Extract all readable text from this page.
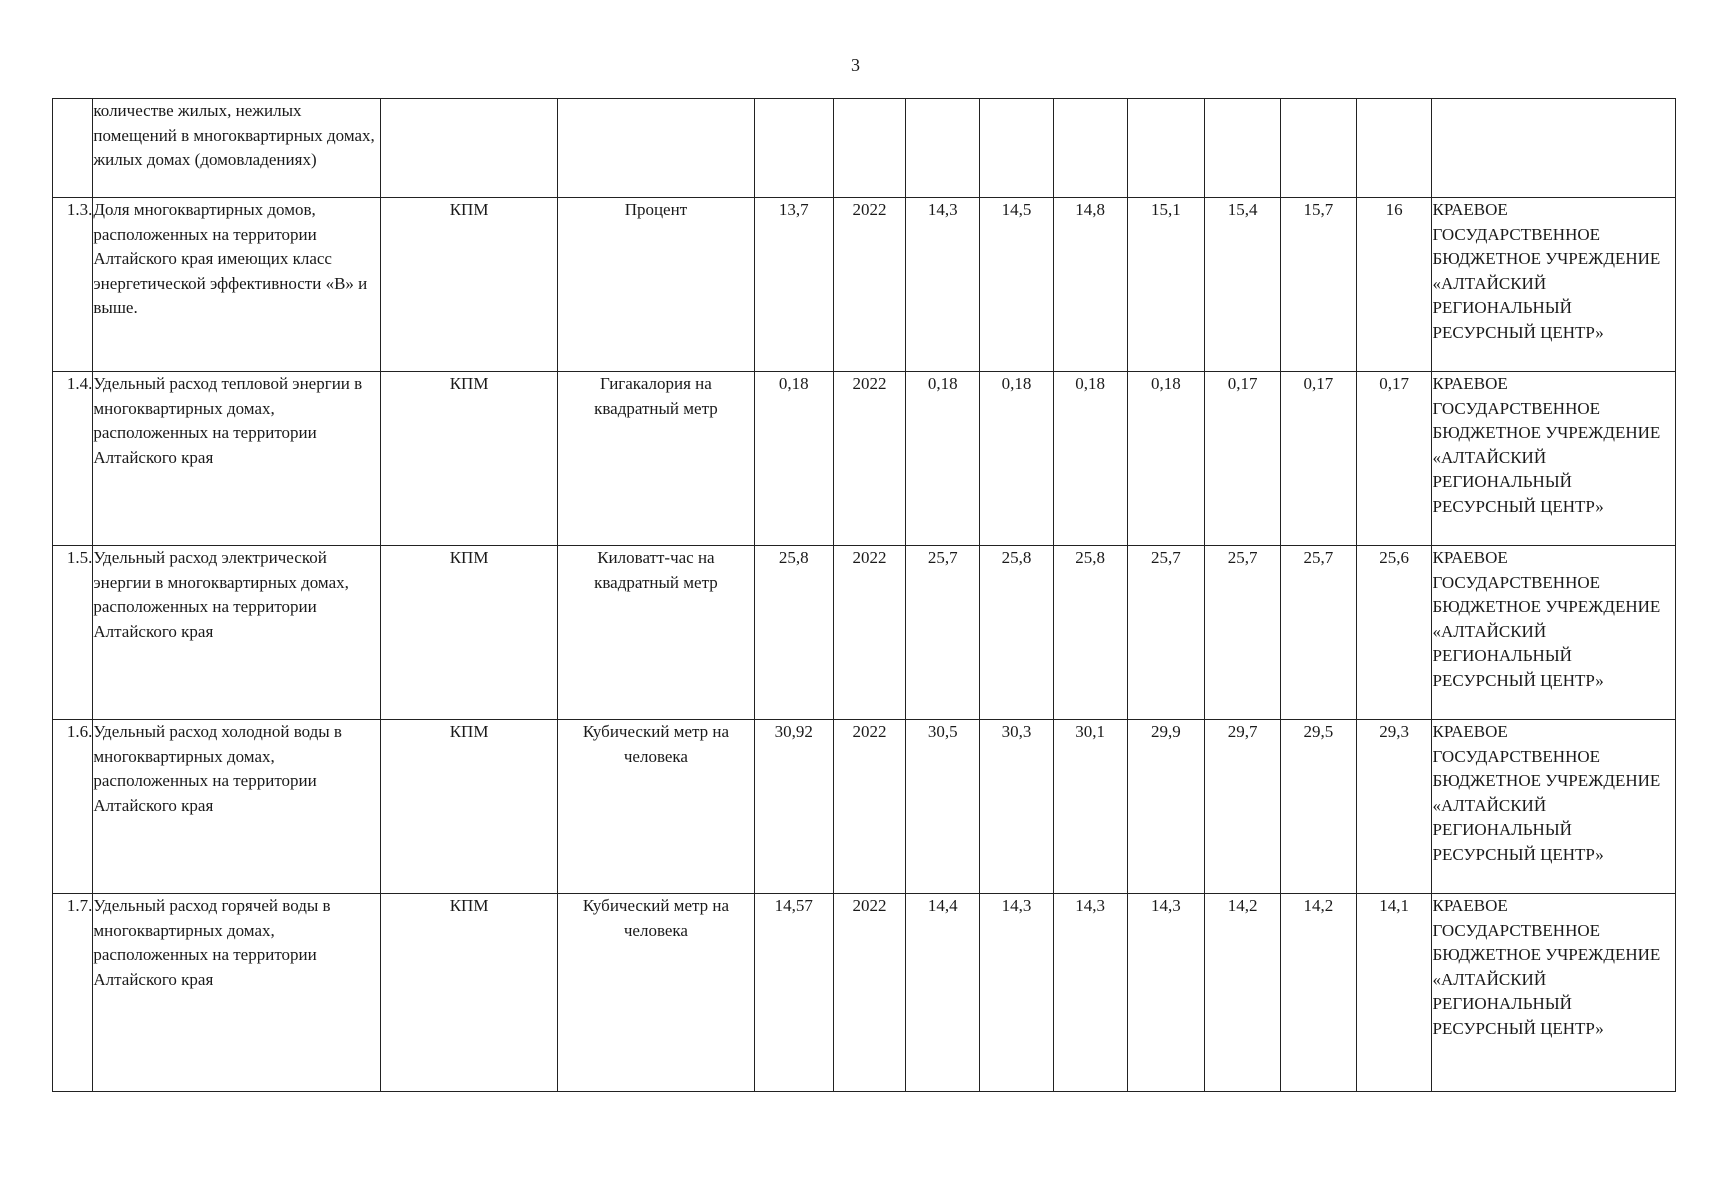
3
	количестве жилых, нежилых помещений в многоквартирных домах, жилых домах (домовладениях)												
1.3.	Доля многоквартирных домов, расположенных на территории Алтайского края имеющих класс энергетической эффективности «В» и выше.	КПМ	Процент	13,7	2022	14,3	14,5	14,8	15,1	15,4	15,7	16	КРАЕВОЕ ГОСУДАРСТВЕННОЕ БЮДЖЕТНОЕ УЧРЕЖДЕНИЕ «АЛТАЙСКИЙ РЕГИОНАЛЬНЫЙ РЕСУРСНЫЙ ЦЕНТР»
1.4.	Удельный расход тепловой энергии в многоквартирных домах, расположенных на территории Алтайского края	КПМ	Гигакалория на квадратный метр	0,18	2022	0,18	0,18	0,18	0,18	0,17	0,17	0,17	КРАЕВОЕ ГОСУДАРСТВЕННОЕ БЮДЖЕТНОЕ УЧРЕЖДЕНИЕ «АЛТАЙСКИЙ РЕГИОНАЛЬНЫЙ РЕСУРСНЫЙ ЦЕНТР»
1.5.	Удельный расход электрической энергии в многоквартирных домах, расположенных на территории Алтайского края	КПМ	Киловатт-час на квадратный метр	25,8	2022	25,7	25,8	25,8	25,7	25,7	25,7	25,6	КРАЕВОЕ ГОСУДАРСТВЕННОЕ БЮДЖЕТНОЕ УЧРЕЖДЕНИЕ «АЛТАЙСКИЙ РЕГИОНАЛЬНЫЙ РЕСУРСНЫЙ ЦЕНТР»
1.6.	Удельный расход холодной воды в многоквартирных домах, расположенных на территории Алтайского края	КПМ	Кубический метр на человека	30,92	2022	30,5	30,3	30,1	29,9	29,7	29,5	29,3	КРАЕВОЕ ГОСУДАРСТВЕННОЕ БЮДЖЕТНОЕ УЧРЕЖДЕНИЕ «АЛТАЙСКИЙ РЕГИОНАЛЬНЫЙ РЕСУРСНЫЙ ЦЕНТР»
1.7.	Удельный расход горячей воды в многоквартирных домах, расположенных на территории Алтайского края	КПМ	Кубический метр на человека	14,57	2022	14,4	14,3	14,3	14,3	14,2	14,2	14,1	КРАЕВОЕ ГОСУДАРСТВЕННОЕ БЮДЖЕТНОЕ УЧРЕЖДЕНИЕ «АЛТАЙСКИЙ РЕГИОНАЛЬНЫЙ РЕСУРСНЫЙ ЦЕНТР»
